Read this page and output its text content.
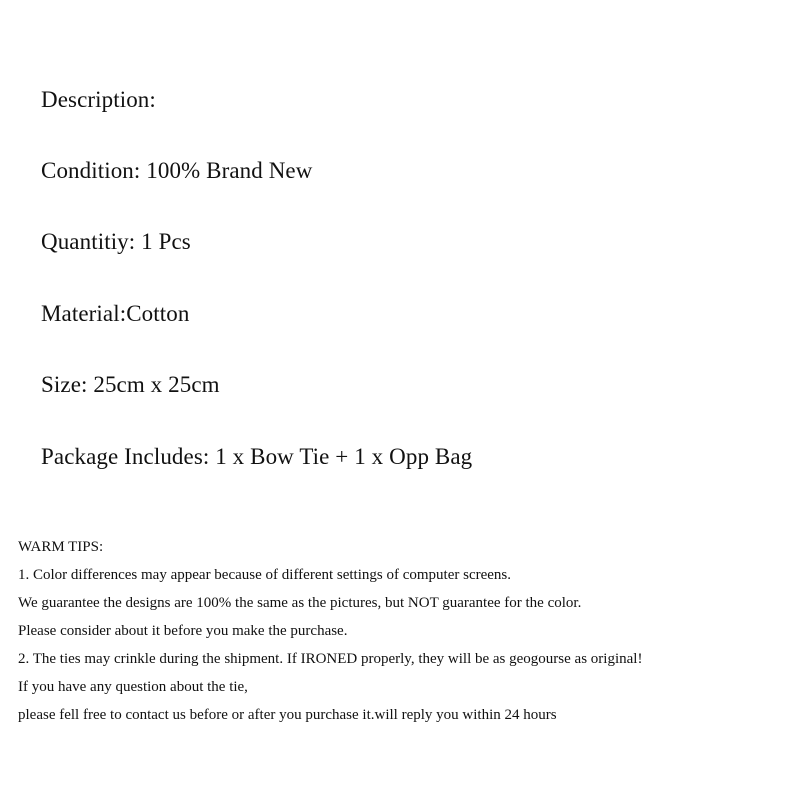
Description:

Condition: 100% Brand New

Quantitiy: 1 Pcs

Material:Cotton

Size: 25cm x 25cm

Package Includes: 1 x Bow Tie + 1 x Opp Bag

WARM TIPS:

1. Color differences may appear because of different settings of computer screens.

We guarantee the designs are 100% the same as the pictures, but NOT guarantee for the color.

Please consider about it before you make the purchase.

2. The ties may crinkle during the shipment. If IRONED properly, they will be as geogourse as original!

If you have any question about the tie,

please fell free to contact us before or after you purchase it.will reply you within 24 hours
